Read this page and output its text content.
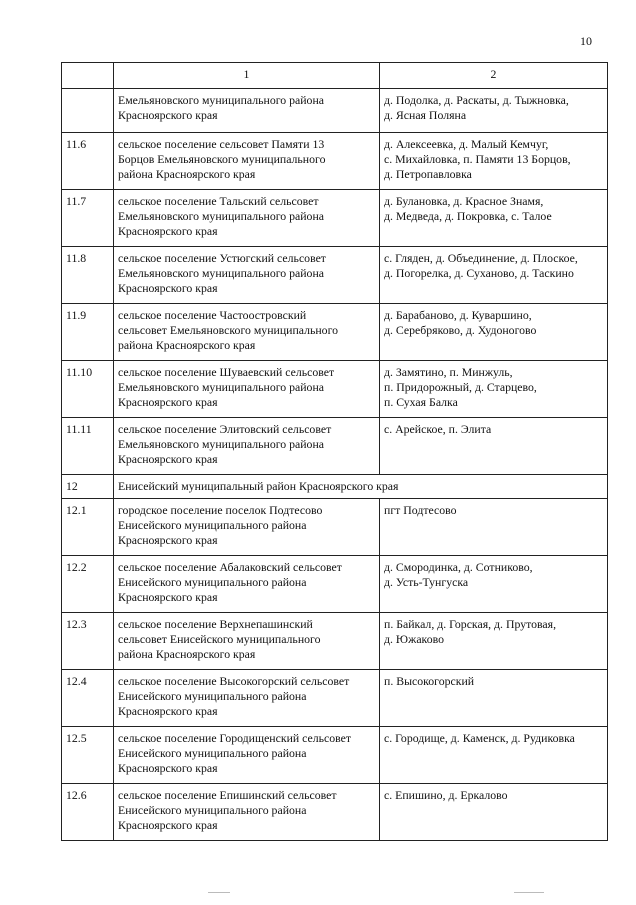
10
	1	2
	Емельяновского муниципального района
Красноярского края	д. Подолка, д. Раскаты, д. Тыжновка,
д. Ясная Поляна
11.6	сельское поселение сельсовет Памяти 13
Борцов Емельяновского муниципального
района Красноярского края	д. Алексеевка, д. Малый Кемчуг,
с. Михайловка, п. Памяти 13 Борцов,
д. Петропавловка
11.7	сельское поселение Тальский сельсовет
Емельяновского муниципального района
Красноярского края	д. Булановка, д. Красное Знамя,
д. Медведа, д. Покровка, с. Талое
11.8	сельское поселение Устюгский сельсовет
Емельяновского муниципального района
Красноярского края	с. Гляден, д. Объединение, д. Плоское,
д. Погорелка, д. Суханово, д. Таскино
11.9	сельское поселение Частоостровский
сельсовет Емельяновского муниципального
района Красноярского края	д. Барабаново, д. Куваршино,
д. Серебряково, д. Худоногово
11.10	сельское поселение Шуваевский сельсовет
Емельяновского муниципального района
Красноярского края	д. Замятино, п. Минжуль,
п. Придорожный, д. Старцево,
п. Сухая Балка
11.11	сельское поселение Элитовский сельсовет
Емельяновского муниципального района
Красноярского края	с. Арейское, п. Элита
12	Енисейский муниципальный район Красноярского края	
12.1	городское поселение поселок Подтесово
Енисейского муниципального района
Красноярского края	пгт Подтесово
12.2	сельское поселение Абалаковский сельсовет
Енисейского муниципального района
Красноярского края	д. Смородинка, д. Сотниково,
д. Усть-Тунгуска
12.3	сельское поселение Верхнепашинский
сельсовет Енисейского муниципального
района Красноярского края	п. Байкал, д. Горская, д. Прутовая,
д. Южаково
12.4	сельское поселение Высокогорский сельсовет
Енисейского муниципального района
Красноярского края	п. Высокогорский
12.5	сельское поселение Городищенский сельсовет
Енисейского муниципального района
Красноярского края	с. Городище, д. Каменск, д. Рудиковка
12.6	сельское поселение Епишинский сельсовет
Енисейского муниципального района
Красноярского края	с. Епишино, д. Еркалово
